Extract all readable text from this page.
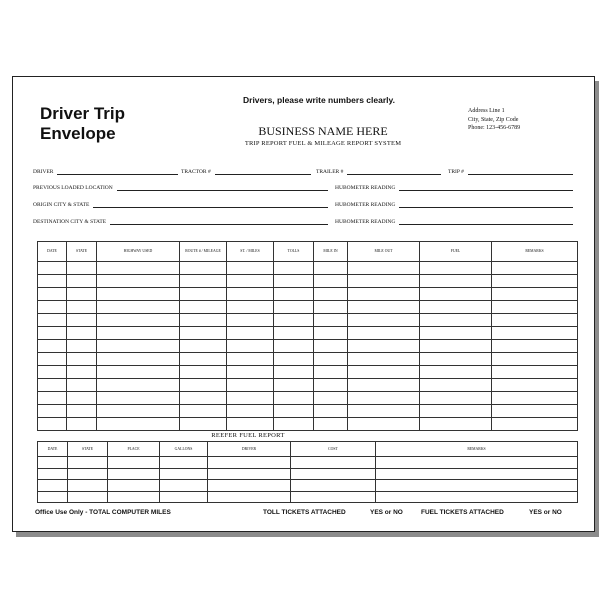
Driver Trip
Envelope
Drivers, please write numbers clearly.
Address Line 1
City, State, Zip Code
Phone: 123-456-6789
BUSINESS NAME HERE
TRIP REPORT FUEL & MILEAGE REPORT SYSTEM
DRIVER	TRACTOR #	TRAILER #	TRIP #
PREVIOUS LOADED LOCATION	HUBOMETER READING
ORIGIN CITY & STATE	HUBOMETER READING
DESTINATION CITY & STATE	HUBOMETER READING
DATE	STATE	HIGHWAY USED	ROUTE # / MILEAGE	ST. / MILES	TOLLS	MILE IN	MILE OUT	FUEL	REMARKS

REEFER FUEL REPORT
DATE	STATE	PLACE	GALLONS	DRIVER	COST	REMARKS

Office Use Only - TOTAL COMPUTER MILES	TOLL TICKETS ATTACHED	YES or NO	FUEL TICKETS ATTACHED	YES or NO
